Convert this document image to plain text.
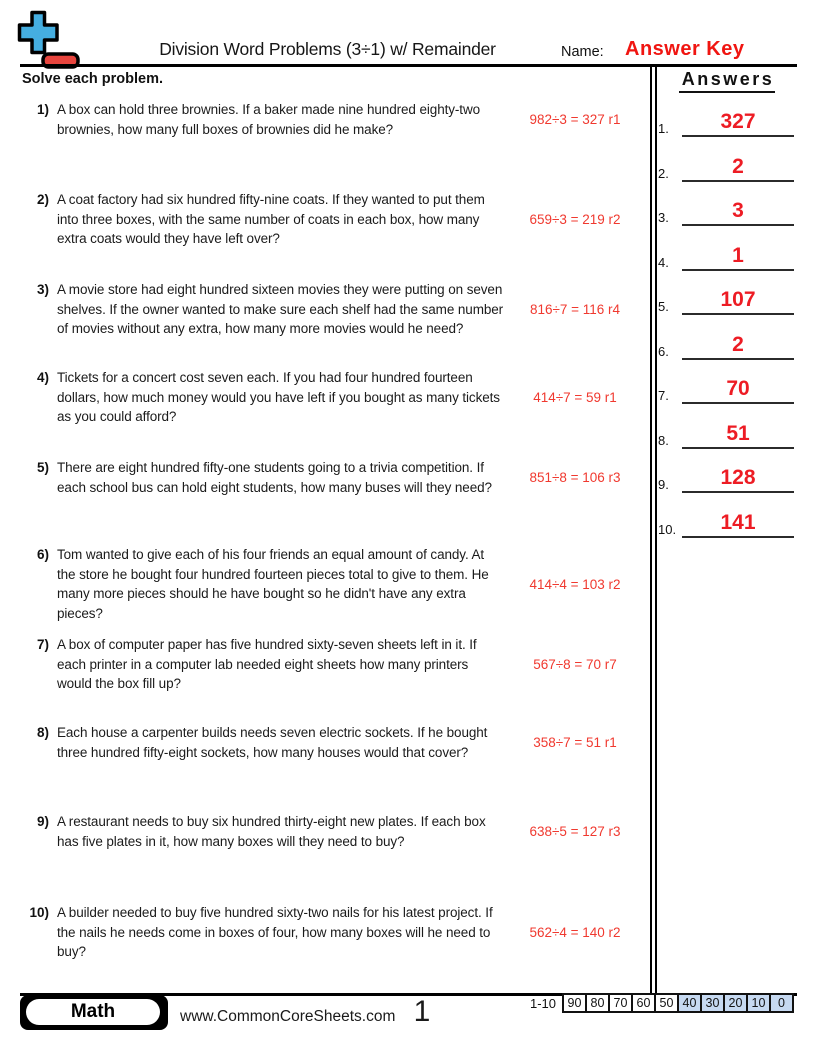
Division Word Problems (3÷1) w/ Remainder	Name: Answer Key
Solve each problem.
1) A box can hold three brownies. If a baker made nine hundred eighty-two brownies, how many full boxes of brownies did he make?
982÷3 = 327 r1
2) A coat factory had six hundred fifty-nine coats. If they wanted to put them into three boxes, with the same number of coats in each box, how many extra coats would they have left over?
659÷3 = 219 r2
3) A movie store had eight hundred sixteen movies they were putting on seven shelves. If the owner wanted to make sure each shelf had the same number of movies without any extra, how many more movies would he need?
816÷7 = 116 r4
4) Tickets for a concert cost seven each. If you had four hundred fourteen dollars, how much money would you have left if you bought as many tickets as you could afford?
414÷7 = 59 r1
5) There are eight hundred fifty-one students going to a trivia competition. If each school bus can hold eight students, how many buses will they need?
851÷8 = 106 r3
6) Tom wanted to give each of his four friends an equal amount of candy. At the store he bought four hundred fourteen pieces total to give to them. He many more pieces should he have bought so he didn't have any extra pieces?
414÷4 = 103 r2
7) A box of computer paper has five hundred sixty-seven sheets left in it. If each printer in a computer lab needed eight sheets how many printers would the box fill up?
567÷8 = 70 r7
8) Each house a carpenter builds needs seven electric sockets. If he bought three hundred fifty-eight sockets, how many houses would that cover?
358÷7 = 51 r1
9) A restaurant needs to buy six hundred thirty-eight new plates. If each box has five plates in it, how many boxes will they need to buy?
638÷5 = 127 r3
10) A builder needed to buy five hundred sixty-two nails for his latest project. If the nails he needs come in boxes of four, how many boxes will he need to buy?
562÷4 = 140 r2
Answers
1.	327
2.	2
3.	3
4.	1
5.	107
6.	2
7.	70
8.	51
9.	128
10.	141
Math	www.CommonCoreSheets.com 1	1-10 90 80 70 60 50 40 30 20 10	0
